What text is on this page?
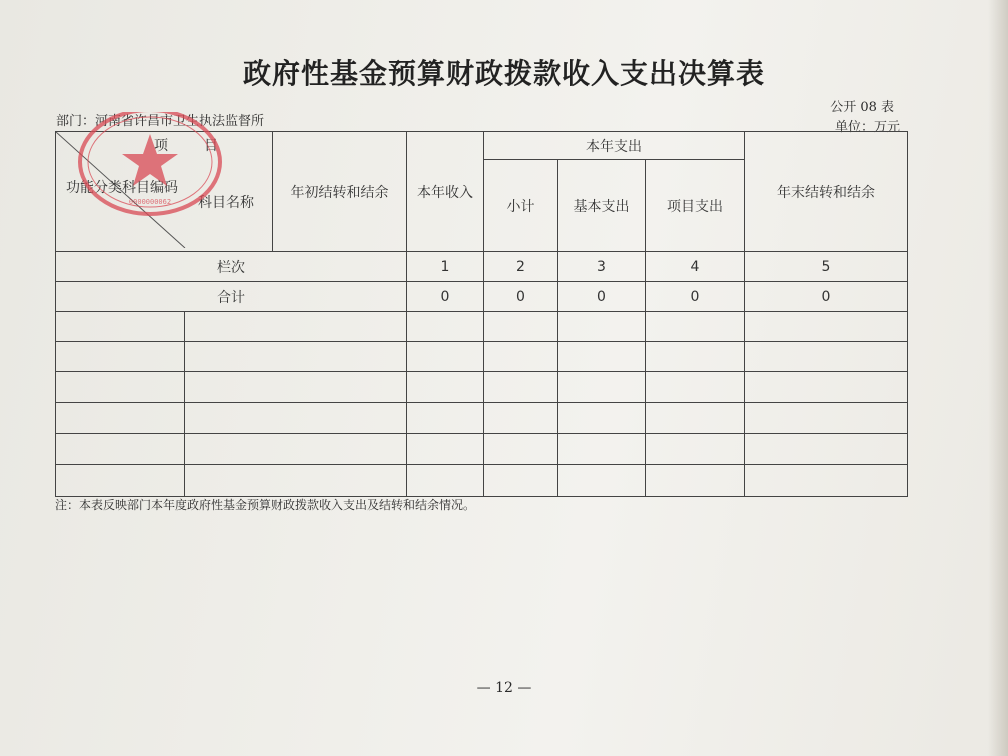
政府性基金预算财政拨款收入支出决算表
公开 08 表
部门：河南省许昌市卫生执法监督所	单位：万元
项 目
功能分类科目编码
科目名称		年初结转和结余	本年收入	本年支出			年末结转和结余	
				小计	基本支出	项目支出		
栏次			1	2	3	4	5	
合计			0	0	0	0	0	

0000000062
注：本表反映部门本年度政府性基金预算财政拨款收入支出及结转和结余情况。
— 12 —
